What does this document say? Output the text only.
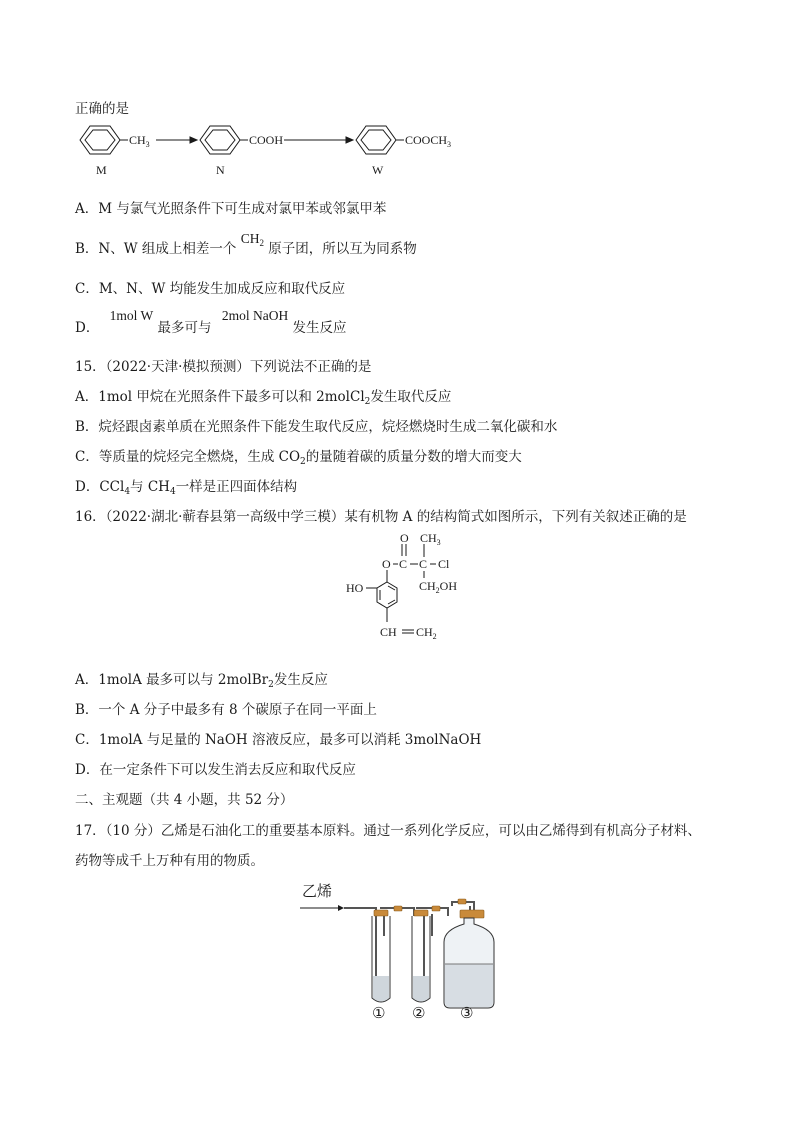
正确的是
$CH_3$	COOH	$COOCH_3$
M	N	W
A．M 与氯气光照条件下可生成对氯甲苯或邻氯甲苯
B．N、W 组成上相差一个 $CH_2$ 原子团，所以互为同系物
C．M、N、W 均能发生加成反应和取代反应
D． 1mol W 最多可与 2mol NaOH 发生反应
15．（2022·天津·模拟预测）下列说法不正确的是
A．1mol 甲烷在光照条件下最多可以和 2molCl$_2$发生取代反应
B．烷烃跟卤素单质在光照条件下能发生取代反应，烷烃燃烧时生成二氧化碳和水
C．等质量的烷烃完全燃烧，生成 $CO_2$的量随着碳的质量分数的增大而变大
D．CCl$_4$与 $CH_4$一样是正四面体结构
16．（2022·湖北·蕲春县第一高级中学三模）某有机物 A 的结构简式如图所示，下列有关叙述正确的是
O $CH_3$
O C C Cl
$CH_2OH$
HO
CH $CH_2$
A．1molA 最多可以与 2molBr$_2$发生反应
B．一个 A 分子中最多有 8 个碳原子在同一平面上
C．1molA 与足量的 NaOH 溶液反应，最多可以消耗 3molNaOH
D．在一定条件下可以发生消去反应和取代反应
二、主观题（共 4 小题，共 52 分）
17．（10 分）乙烯是石油化工的重要基本原料。通过一系列化学反应，可以由乙烯得到有机高分子材料、
药物等成千上万种有用的物质。
乙烯
① ② ③
